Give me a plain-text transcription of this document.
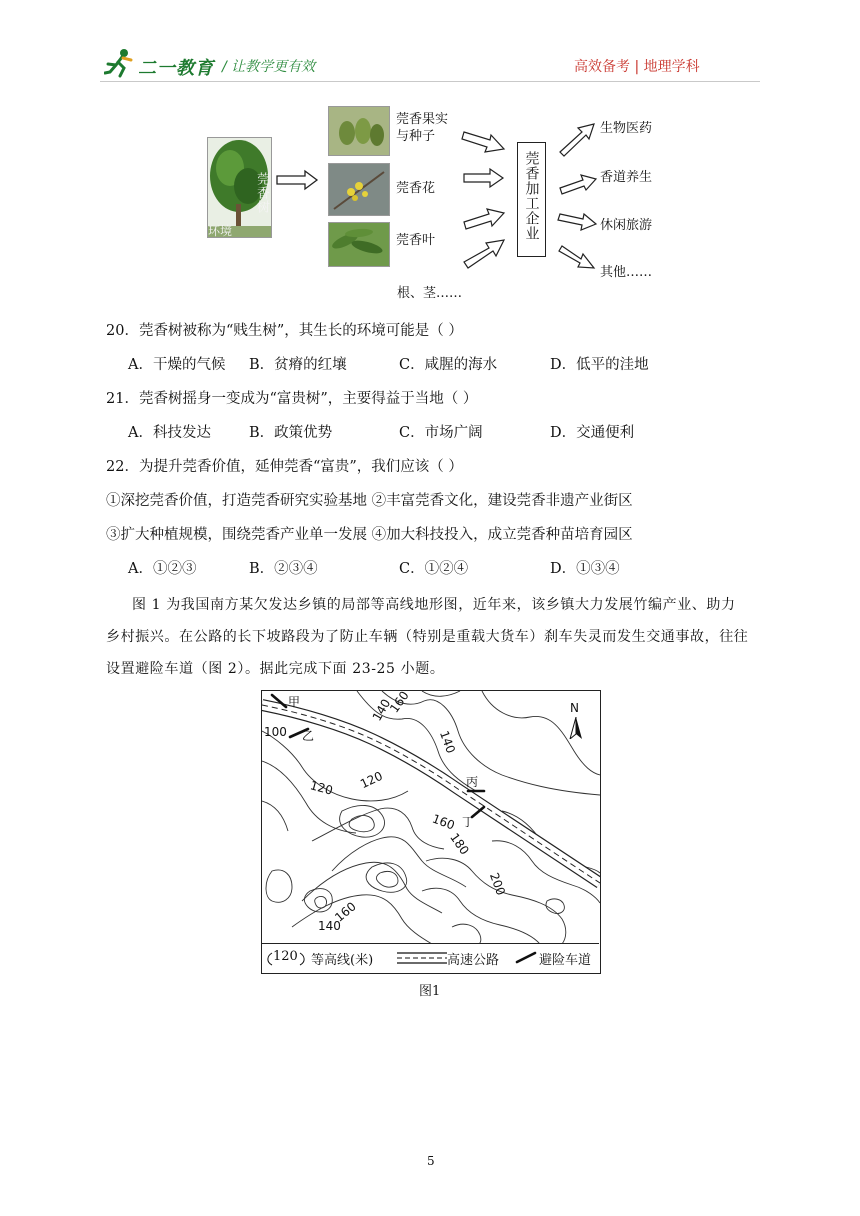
二一教育 / 让教学更有效	高效备考 | 地理学科
莞香树
环境
莞香果实
与种子
莞香花
莞香叶
根、茎……
莞香加工企业
生物医药
香道养生
休闲旅游
其他……
20．莞香树被称为“贱生树”，其生长的环境可能是（ ）
A．干燥的气候 B．贫瘠的红壤	C．咸腥的海水	D．低平的洼地
21．莞香树摇身一变成为“富贵树”，主要得益于当地（ ）
A．科技发达	B．政策优势	C．市场广阔	D．交通便利
22．为提升莞香价值，延伸莞香“富贵”，我们应该（ ）
①深挖莞香价值，打造莞香研究实验基地 ②丰富莞香文化，建设莞香非遗产业街区
③扩大种植规模，围绕莞香产业单一发展 ④加大科技投入，成立莞香种苗培育园区
A．①②③	B．②③④	C．①②④	D．①③④
图 1 为我国南方某欠发达乡镇的局部等高线地形图，近年来，该乡镇大力发展竹编产业、助力
乡村振兴。在公路的长下坡路段为了防止车辆（特别是重载大货车）刹车失灵而发生交通事故，往往
设置避险车道（图 2）。据此完成下面 23-25 小题。
N
甲
乙
丙
丁
100
140
160
140
120
120
160
180
200
160
140
120 等高线(米)	高速公路	避险车道
图1
5
